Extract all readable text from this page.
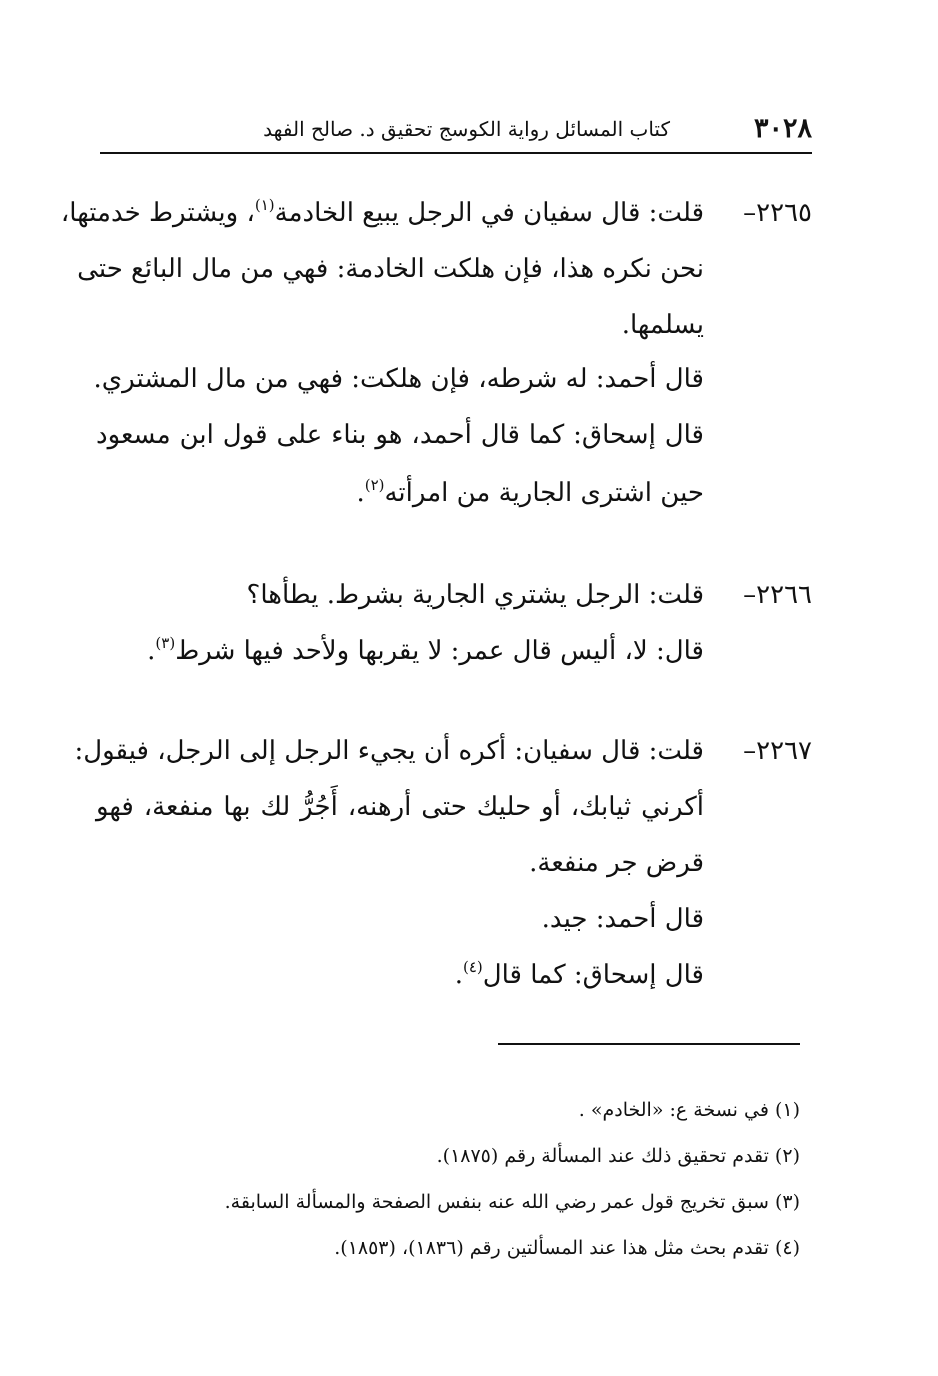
٣٠٢٨
كتاب المسائل رواية الكوسج تحقيق د. صالح الفهد
٢٢٦٥–قلت: قال سفيان في الرجل يبيع الخادمة$^{(١)}$، ويشترط خدمتها،
نحن نكره هذا، فإن هلكت الخادمة: فهي من مال البائع حتى
يسلمها.
قال أحمد: له شرطه، فإن هلكت: فهي من مال المشتري.
قال إسحاق: كما قال أحمد، هو بناء على قول ابن مسعود
حين اشترى الجارية من امرأته$^{(٢)}$.
٢٢٦٦–قلت: الرجل يشتري الجارية بشرط. يطأها؟
قال: لا، أليس قال عمر: لا يقربها ولأحد فيها شرط$^{(٣)}$.
٢٢٦٧–قلت: قال سفيان: أكره أن يجيء الرجل إلى الرجل، فيقول:
أكرني ثيابك، أو حليك حتى أرهنه، أَجُرُّ لك بها منفعة، فهو
قرض جر منفعة.
قال أحمد: جيد.
قال إسحاق: كما قال$^{(٤)}$.
(١) في نسخة ع: «الخادم» .
(٢) تقدم تحقيق ذلك عند المسألة رقم (١٨٧٥).
(٣) سبق تخريج قول عمر رضي الله عنه بنفس الصفحة والمسألة السابقة.
(٤) تقدم بحث مثل هذا عند المسألتين رقم (١٨٣٦)، (١٨٥٣).
